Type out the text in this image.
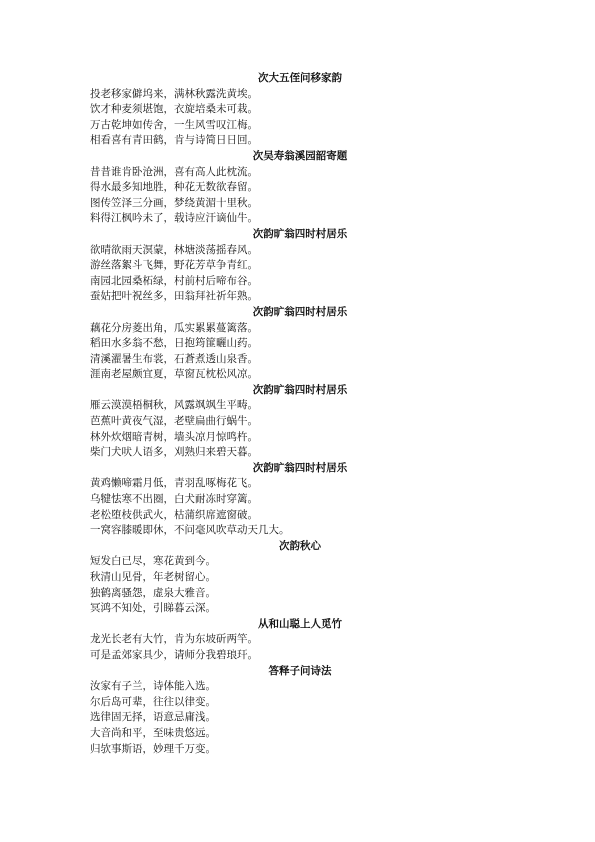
次大五侄问移家韵
投老移家僻坞来，满林秋露洗黄埃。
饮才种麦须堪饱，衣旋培桑未可栽。
万古乾坤如传舍，一生风雪叹江梅。
相看喜有青田鹤，肯与诗简日日回。
次吴寿翁溪园韶寄题
昔昔谁肯卧沧洲，喜有高人此枕流。
得水最多知地胜，种花无数欲春留。
图传笠泽三分画，梦绕黄湄十里秋。
料得江枫吟未了，载诗应汗谪仙牛。
次韵旷翁四时村居乐
欲晴欲雨天溟蒙，林塘淡荡摇春风。
游丝落絮斗飞舞，野花芳草争青红。
南园北园桑柘绿，村前村后啼布谷。
蚕姑把叶祝丝多，田翁拜社祈年熟。
次韵旷翁四时村居乐
藕花分房菱出角，瓜实累累蔓篱落。
稻田水多翁不愁，日抱筠篚曬山药。
清溪濯暑生布裳，石蒼煮透山泉香。
涯南老屋颇宜夏，草窗瓦枕松风凉。
次韵旷翁四时村居乐
雁云漠漠梧桐秋，风露飒飒生平畴。
芭蕉叶黄夜气湿，老壁扁曲行蜗牛。
林外炊烟暗青树，墙头凉月惊鸣杵。
柴门犬吠人语多，刈熟归来碧天暮。
次韵旷翁四时村居乐
黄鸡懒啼霜月低，青羽乱啄梅花飞。
乌犍怯寒不出圈，白犬耐冻时穿篱。
老松堕枝供武火，枯蒲织席遮窗破。
一窝容膝暖即休，不问毫风吹草动天几大。
次韵秋心
短发白已尽，寒花黄到今。
秋清山见骨，年老树留心。
独鹤离骚怨，虚泉大雅音。
冥鸿不知处，引睇暮云深。
从和山聪上人觅竹
龙光长老有大竹，肯为东坡斫两竿。
可是孟郊家具少，请师分我碧琅玕。
答释子问诗法
汝家有子兰，诗体能入选。
尔后岛可辈，往往以律变。
选律固无择，语意忌庸浅。
大音尚和平，至味贵悠远。
归欤事斯语，妙理千万变。
